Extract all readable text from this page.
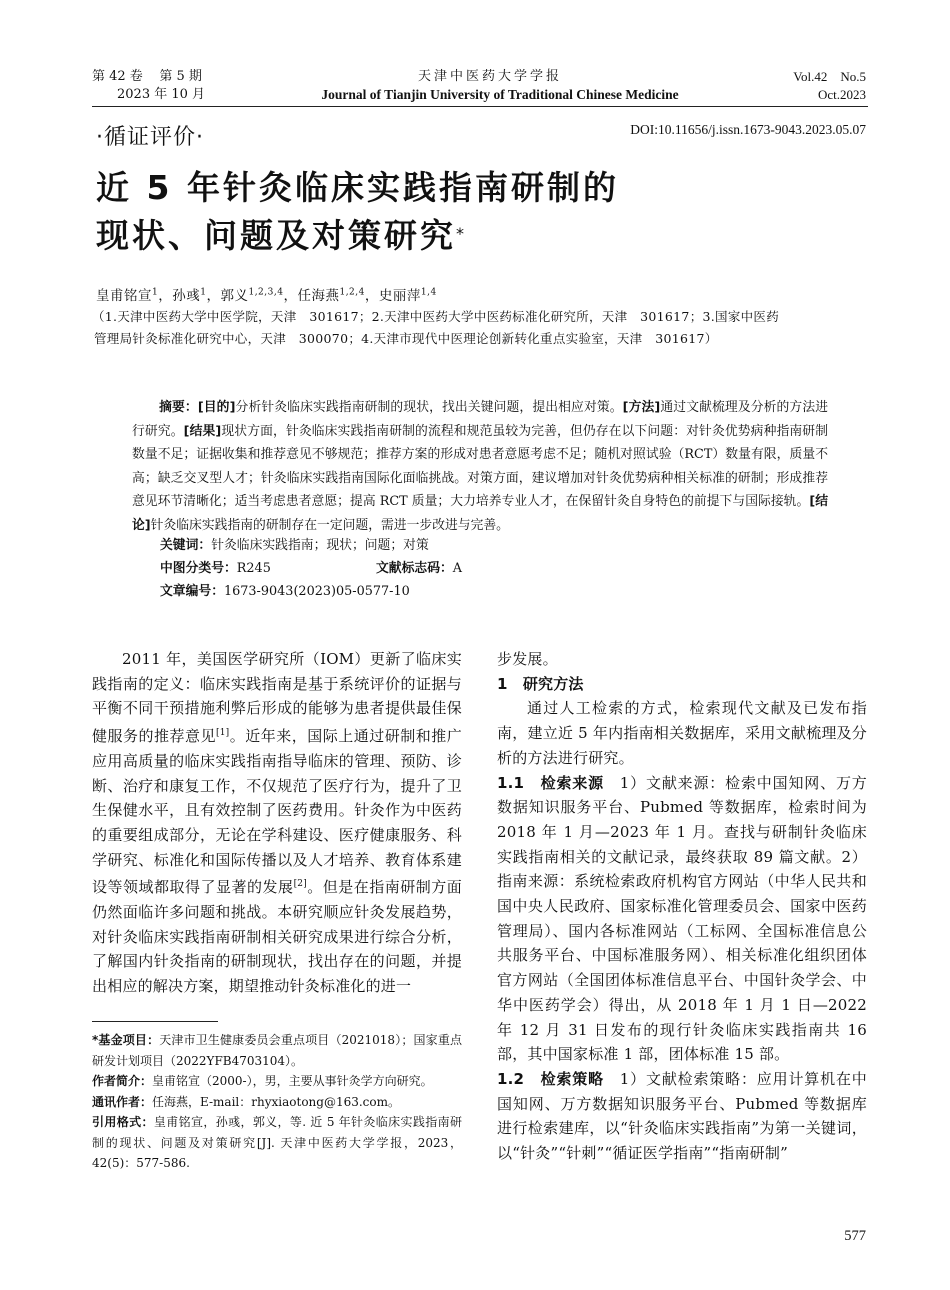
第 42 卷 第 5 期
2023 年 10 月
天津中医药大学学报
Journal of Tianjin University of Traditional Chinese Medicine
Vol.42 No.5
Oct.2023
·循证评价·	DOI:10.11656/j.issn.1673-9043.2023.05.07
近 5 年针灸临床实践指南研制的
现状、问题及对策研究*
皇甫铭宣$^1$，孙彧$^1$，郭义$^{1,2,3,4}$，任海燕$^{1,2,4}$，史丽萍$^{1,4}$
（1.天津中医药大学中医学院，天津　301617；2.天津中医药大学中医药标准化研究所，天津　301617；3.国家中医药
管理局针灸标准化研究中心，天津　300070；4.天津市现代中医理论创新转化重点实验室，天津　301617）
摘要：[目的]分析针灸临床实践指南研制的现状，找出关键问题，提出相应对策。[方法]通过文献梳理及分析的方法进行研究。[结果]现状方面，针灸临床实践指南研制的流程和规范虽较为完善，但仍存在以下问题：对针灸优势病种指南研制数量不足；证据收集和推荐意见不够规范；推荐方案的形成对患者意愿考虑不足；随机对照试验（RCT）数量有限，质量不高；缺乏交叉型人才；针灸临床实践指南国际化面临挑战。对策方面，建议增加对针灸优势病种相关标准的研制；形成推荐意见环节清晰化；适当考虑患者意愿；提高 RCT 质量；大力培养专业人才，在保留针灸自身特色的前提下与国际接轨。[结论]针灸临床实践指南的研制存在一定问题，需进一步改进与完善。
关键词：针灸临床实践指南；现状；问题；对策
中图分类号：R245	文献标志码：A
文章编号：1673-9043(2023)05-0577-10

2011 年，美国医学研究所（IOM）更新了临床实践指南的定义：临床实践指南是基于系统评价的证据与平衡不同干预措施利弊后形成的能够为患者提供最佳保健服务的推荐意见[1]。近年来，国际上通过研制和推广应用高质量的临床实践指南指导临床的管理、预防、诊断、治疗和康复工作，不仅规范了医疗行为，提升了卫生保健水平，且有效控制了医药费用。针灸作为中医药的重要组成部分，无论在学科建设、医疗健康服务、科学研究、标准化和国际传播以及人才培养、教育体系建设等领域都取得了显著的发展[2]。但是在指南研制方面仍然面临许多问题和挑战。本研究顺应针灸发展趋势，对针灸临床实践指南研制相关研究成果进行综合分析，了解国内针灸指南的研制现状，找出存在的问题，并提出相应的解决方案，期望推动针灸标准化的进一

*基金项目：天津市卫生健康委员会重点项目（2021018）；国家重点研发计划项目（2022YFB4703104）。
作者简介：皇甫铭宣（2000-），男，主要从事针灸学方向研究。
通讯作者：任海燕，E-mail：rhyxiaotong@163.com。
引用格式：皇甫铭宣，孙彧，郭义，等. 近 5 年针灸临床实践指南研制的现状、问题及对策研究[J]. 天津中医药大学学报，2023，42(5)：577-586.

步发展。

1　研究方法

通过人工检索的方式，检索现代文献及已发布指南，建立近 5 年内指南相关数据库，采用文献梳理及分析的方法进行研究。

1.1　检索来源　1）文献来源：检索中国知网、万方数据知识服务平台、Pubmed 等数据库，检索时间为 2018 年 1 月—2023 年 1 月。查找与研制针灸临床实践指南相关的文献记录，最终获取 89 篇文献。2）指南来源：系统检索政府机构官方网站（中华人民共和国中央人民政府、国家标准化管理委员会、国家中医药管理局）、国内各标准网站（工标网、全国标准信息公共服务平台、中国标准服务网）、相关标准化组织团体官方网站（全国团体标准信息平台、中国针灸学会、中华中医药学会）得出，从 2018 年 1 月 1 日—2022 年 12 月 31 日发布的现行针灸临床实践指南共 16 部，其中国家标准 1 部，团体标准 15 部。

1.2　检索策略　1）文献检索策略：应用计算机在中国知网、万方数据知识服务平台、Pubmed 等数据库进行检索建库，以“针灸临床实践指南”为第一关键词，以“针灸”“针刺”“循证医学指南”“指南研制”

577
